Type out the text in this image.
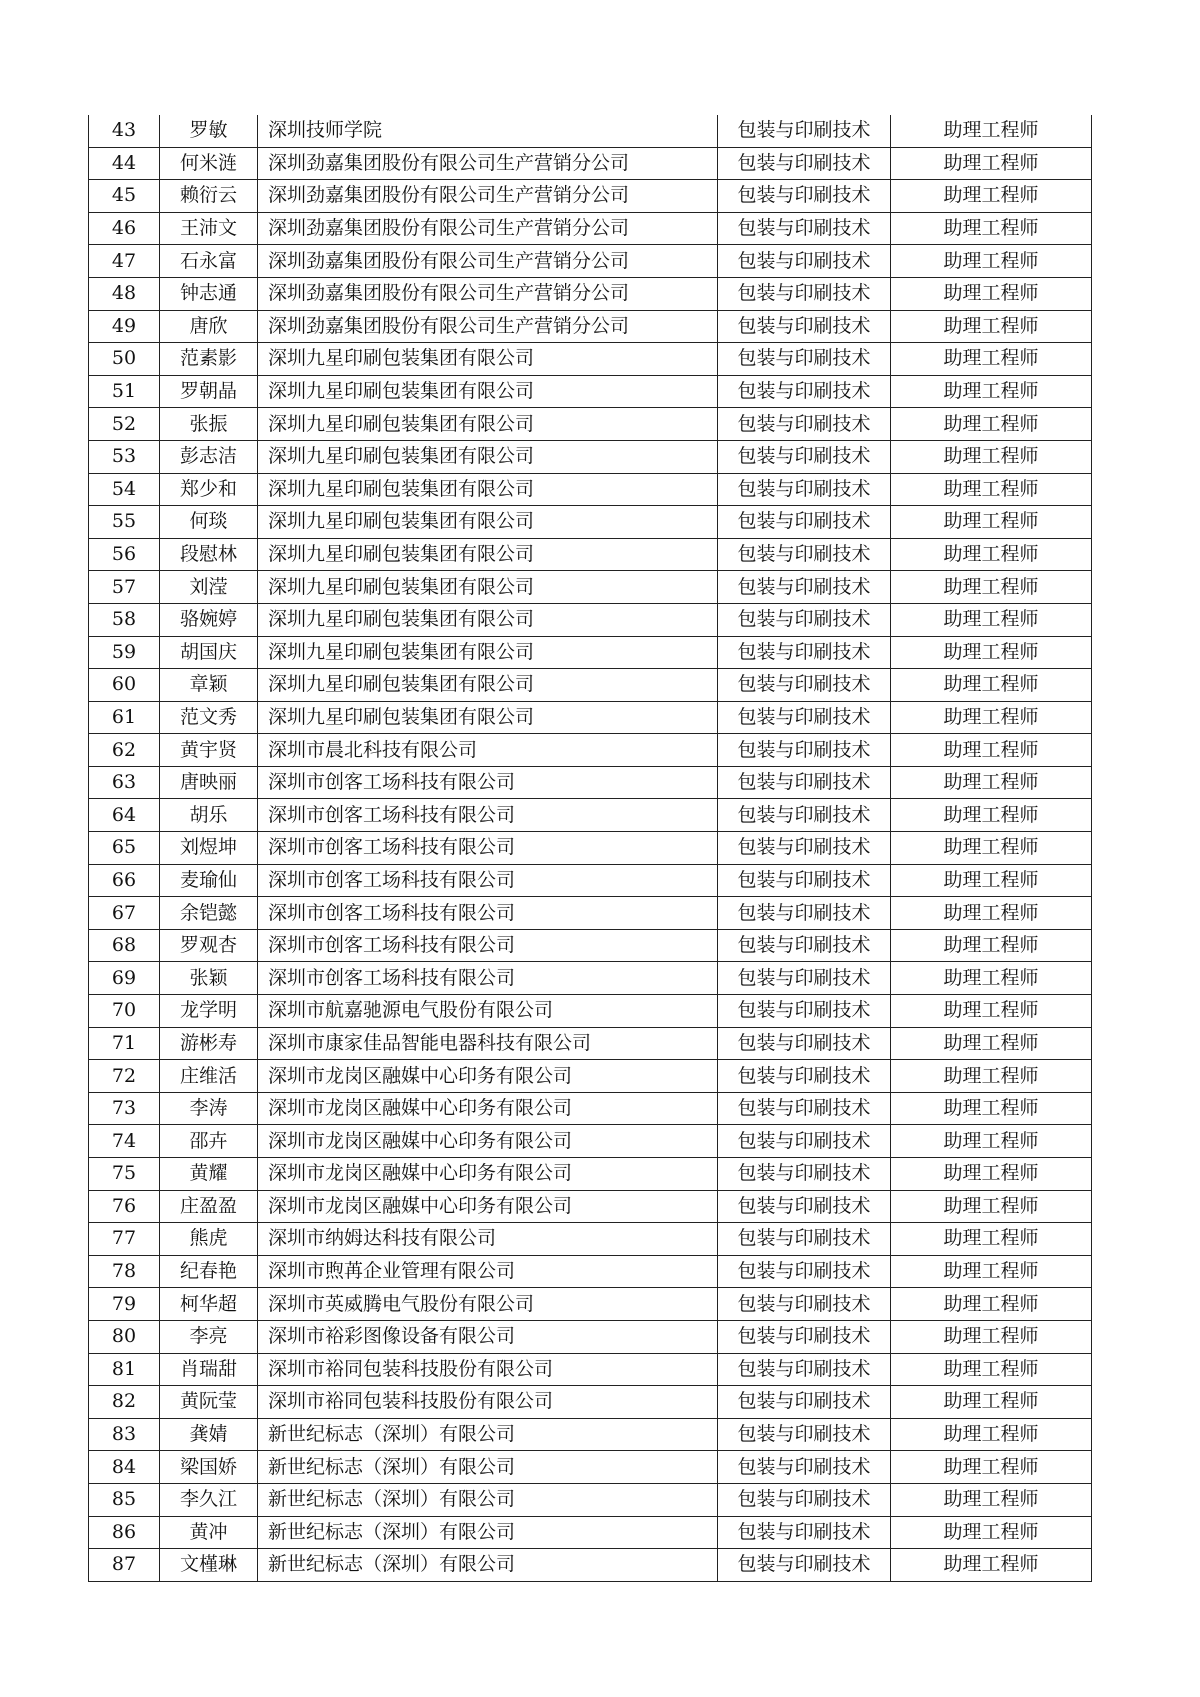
43	罗敏	深圳技师学院	包装与印刷技术	助理工程师
44	何米涟	深圳劲嘉集团股份有限公司生产营销分公司	包装与印刷技术	助理工程师
45	赖衍云	深圳劲嘉集团股份有限公司生产营销分公司	包装与印刷技术	助理工程师
46	王沛文	深圳劲嘉集团股份有限公司生产营销分公司	包装与印刷技术	助理工程师
47	石永富	深圳劲嘉集团股份有限公司生产营销分公司	包装与印刷技术	助理工程师
48	钟志通	深圳劲嘉集团股份有限公司生产营销分公司	包装与印刷技术	助理工程师
49	唐欣	深圳劲嘉集团股份有限公司生产营销分公司	包装与印刷技术	助理工程师
50	范素影	深圳九星印刷包装集团有限公司	包装与印刷技术	助理工程师
51	罗朝晶	深圳九星印刷包装集团有限公司	包装与印刷技术	助理工程师
52	张振	深圳九星印刷包装集团有限公司	包装与印刷技术	助理工程师
53	彭志洁	深圳九星印刷包装集团有限公司	包装与印刷技术	助理工程师
54	郑少和	深圳九星印刷包装集团有限公司	包装与印刷技术	助理工程师
55	何琰	深圳九星印刷包装集团有限公司	包装与印刷技术	助理工程师
56	段慰林	深圳九星印刷包装集团有限公司	包装与印刷技术	助理工程师
57	刘滢	深圳九星印刷包装集团有限公司	包装与印刷技术	助理工程师
58	骆婉婷	深圳九星印刷包装集团有限公司	包装与印刷技术	助理工程师
59	胡国庆	深圳九星印刷包装集团有限公司	包装与印刷技术	助理工程师
60	章颖	深圳九星印刷包装集团有限公司	包装与印刷技术	助理工程师
61	范文秀	深圳九星印刷包装集团有限公司	包装与印刷技术	助理工程师
62	黄宇贤	深圳市晨北科技有限公司	包装与印刷技术	助理工程师
63	唐映丽	深圳市创客工场科技有限公司	包装与印刷技术	助理工程师
64	胡乐	深圳市创客工场科技有限公司	包装与印刷技术	助理工程师
65	刘煜坤	深圳市创客工场科技有限公司	包装与印刷技术	助理工程师
66	麦瑜仙	深圳市创客工场科技有限公司	包装与印刷技术	助理工程师
67	余铠懿	深圳市创客工场科技有限公司	包装与印刷技术	助理工程师
68	罗观杏	深圳市创客工场科技有限公司	包装与印刷技术	助理工程师
69	张颖	深圳市创客工场科技有限公司	包装与印刷技术	助理工程师
70	龙学明	深圳市航嘉驰源电气股份有限公司	包装与印刷技术	助理工程师
71	游彬寿	深圳市康家佳品智能电器科技有限公司	包装与印刷技术	助理工程师
72	庄维活	深圳市龙岗区融媒中心印务有限公司	包装与印刷技术	助理工程师
73	李涛	深圳市龙岗区融媒中心印务有限公司	包装与印刷技术	助理工程师
74	邵卉	深圳市龙岗区融媒中心印务有限公司	包装与印刷技术	助理工程师
75	黄耀	深圳市龙岗区融媒中心印务有限公司	包装与印刷技术	助理工程师
76	庄盈盈	深圳市龙岗区融媒中心印务有限公司	包装与印刷技术	助理工程师
77	熊虎	深圳市纳姆达科技有限公司	包装与印刷技术	助理工程师
78	纪春艳	深圳市煦苒企业管理有限公司	包装与印刷技术	助理工程师
79	柯华超	深圳市英威腾电气股份有限公司	包装与印刷技术	助理工程师
80	李亮	深圳市裕彩图像设备有限公司	包装与印刷技术	助理工程师
81	肖瑞甜	深圳市裕同包装科技股份有限公司	包装与印刷技术	助理工程师
82	黄阮莹	深圳市裕同包装科技股份有限公司	包装与印刷技术	助理工程师
83	龚婧	新世纪标志（深圳）有限公司	包装与印刷技术	助理工程师
84	梁国娇	新世纪标志（深圳）有限公司	包装与印刷技术	助理工程师
85	李久江	新世纪标志（深圳）有限公司	包装与印刷技术	助理工程师
86	黄冲	新世纪标志（深圳）有限公司	包装与印刷技术	助理工程师
87	文槿琳	新世纪标志（深圳）有限公司	包装与印刷技术	助理工程师
